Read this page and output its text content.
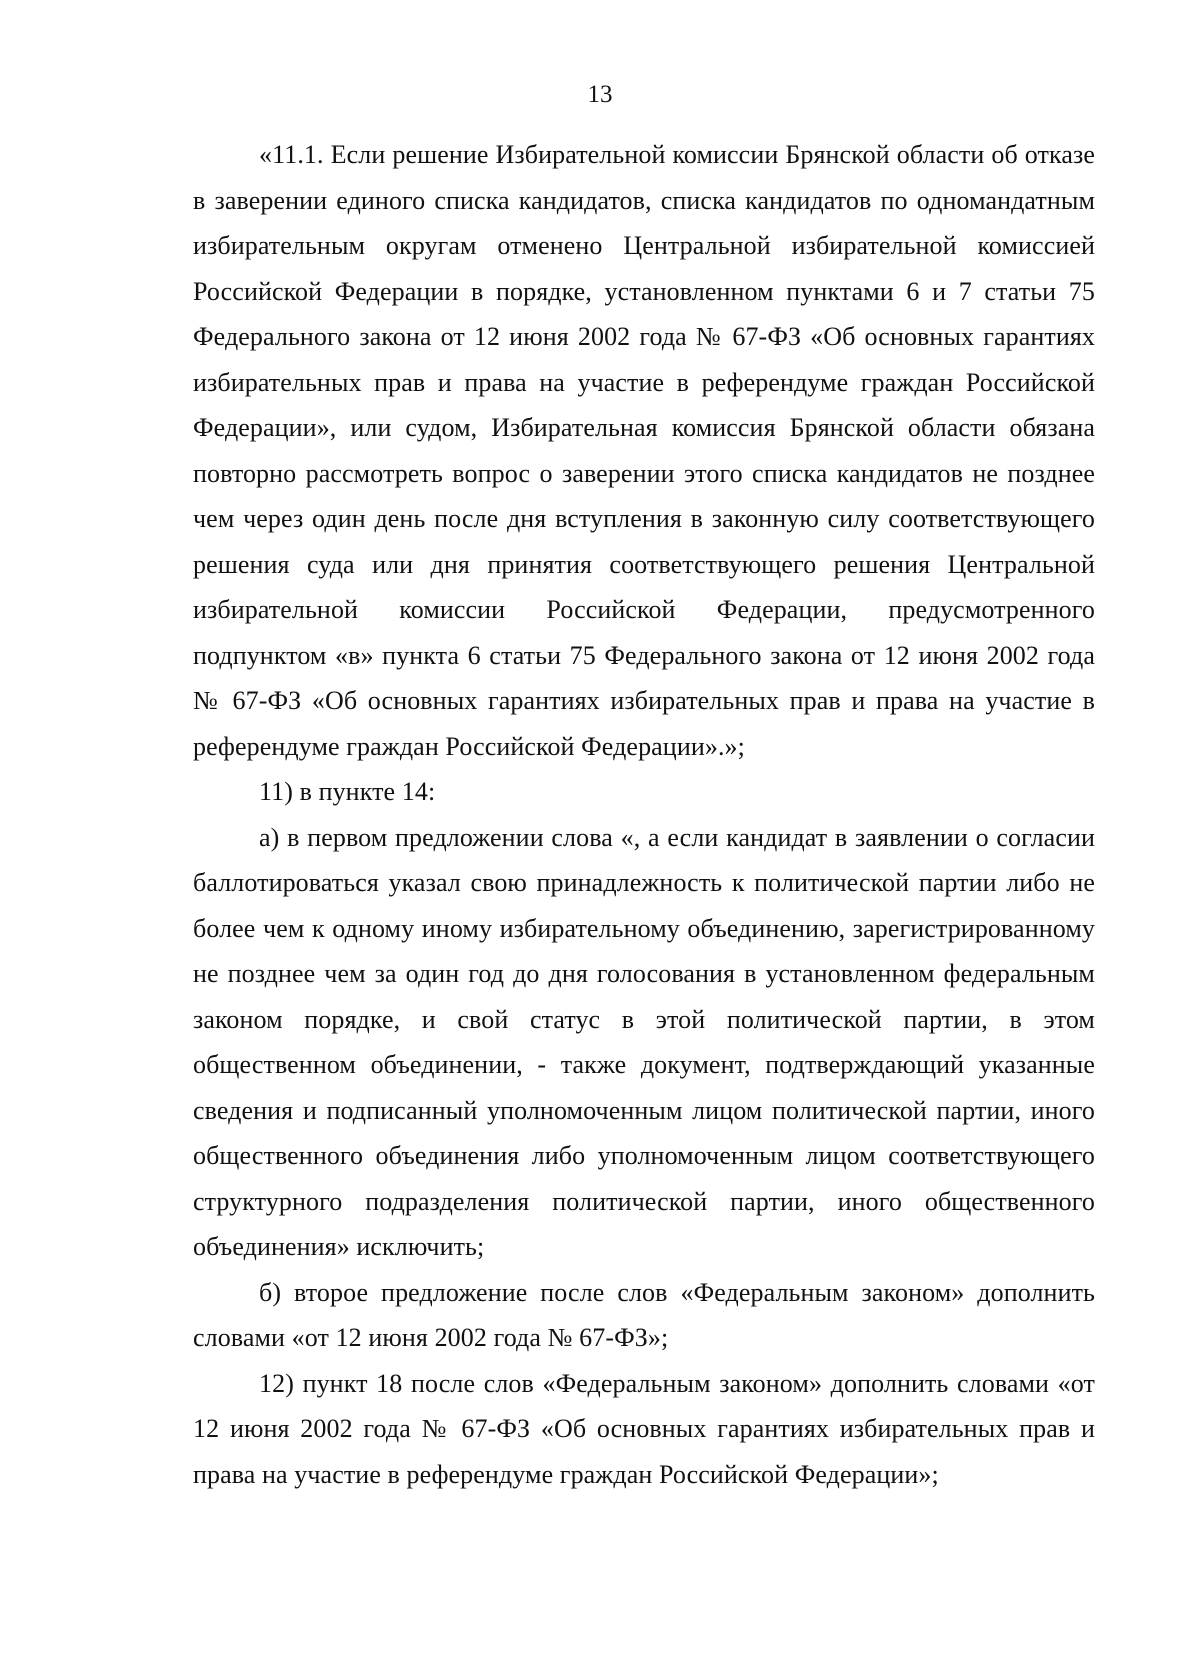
13

«11.1. Если решение Избирательной комиссии Брянской области об отказе в заверении единого списка кандидатов, списка кандидатов по одномандатным избирательным округам отменено Центральной избирательной комиссией Российской Федерации в порядке, установленном пунктами 6 и 7 статьи 75 Федерального закона от 12 июня 2002 года № 67-ФЗ «Об основных гарантиях избирательных прав и права на участие в референдуме граждан Российской Федерации», или судом, Избирательная комиссия Брянской области обязана повторно рассмотреть вопрос о заверении этого списка кандидатов не позднее чем через один день после дня вступления в законную силу соответствующего решения суда или дня принятия соответствующего решения Центральной избирательной комиссии Российской Федерации, предусмотренного подпунктом «в» пункта 6 статьи 75 Федерального закона от 12 июня 2002 года № 67-ФЗ «Об основных гарантиях избирательных прав и права на участие в референдуме граждан Российской Федерации».»;

11) в пункте 14:

а) в первом предложении слова «, а если кандидат в заявлении о согласии баллотироваться указал свою принадлежность к политической партии либо не более чем к одному иному избирательному объединению, зарегистрированному не позднее чем за один год до дня голосования в установленном федеральным законом порядке, и свой статус в этой политической партии, в этом общественном объединении, - также документ, подтверждающий указанные сведения и подписанный уполномоченным лицом политической партии, иного общественного объединения либо уполномоченным лицом соответствующего структурного подразделения политической партии, иного общественного объединения» исключить;

б) второе предложение после слов «Федеральным законом» дополнить словами «от 12 июня 2002 года № 67-ФЗ»;

12) пункт 18 после слов «Федеральным законом» дополнить словами «от 12 июня 2002 года № 67-ФЗ «Об основных гарантиях избирательных прав и права на участие в референдуме граждан Российской Федерации»;
